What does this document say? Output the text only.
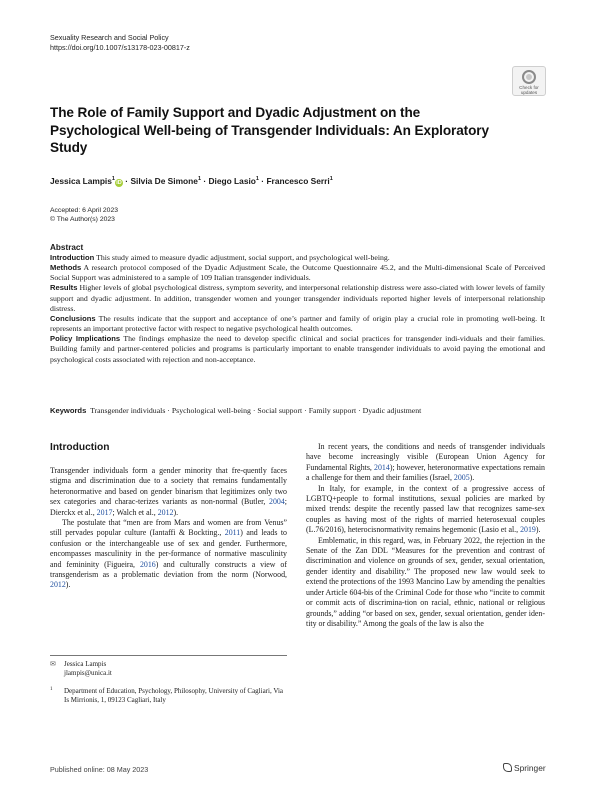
Sexuality Research and Social Policy
https://doi.org/10.1007/s13178-023-00817-z
Check for
updates
The Role of Family Support and Dyadic Adjustment on the Psychological Well-being of Transgender Individuals: An Exploratory Study
Jessica Lampis$^1$iD · Silvia De Simone$^1$ · Diego Lasio$^1$ · Francesco Serri$^1$
Accepted: 6 April 2023
© The Author(s) 2023
Abstract
Introduction This study aimed to measure dyadic adjustment, social support, and psychological well-being.
Methods A research protocol composed of the Dyadic Adjustment Scale, the Outcome Questionnaire 45.2, and the Multi-dimensional Scale of Perceived Social Support was administered to a sample of 109 Italian transgender individuals.
Results Higher levels of global psychological distress, symptom severity, and interpersonal relationship distress were asso-ciated with lower levels of family support and dyadic adjustment. In addition, transgender women and younger transgender individuals reported higher levels of interpersonal relationship distress.
Conclusions The results indicate that the support and acceptance of one’s partner and family of origin play a crucial role in promoting well-being. It represents an important protective factor with respect to negative psychological health outcomes.
Policy Implications The findings emphasize the need to develop specific clinical and social practices for transgender indi-viduals and their families. Building family and partner-centered policies and programs is particularly important to enable transgender individuals to avoid paying the emotional and psychological costs associated with rejection and non-acceptance.
Keywords Transgender individuals · Psychological well-being · Social support · Family support · Dyadic adjustment
Introduction

Transgender individuals form a gender minority that fre-quently faces stigma and discrimination due to a society that remains fundamentally heteronormative and based on gender binarism that legitimizes only two sex categories and charac-terizes variants as non-normal (Butler, 2004; Dierckx et al., 2017; Walch et al., 2012).

The postulate that “men are from Mars and women are from Venus” still pervades popular culture (Iantaffi & Bockting., 2011) and leads to confusion or the interchangeable use of sex and gender. Furthermore, encompasses masculinity in the per-formance of normative masculinity and femininity (Figueira, 2016) and culturally constructs a view of transgenderism as a problematic deviation from the norm (Norwood, 2012).

In recent years, the conditions and needs of transgender individuals have become increasingly visible (European Union Agency for Fundamental Rights, 2014); however, heteronormative expectations remain a challenge for them and their families (Israel, 2005).

In Italy, for example, in the context of a progressive access of LGBTQ+people to formal institutions, sexual policies are marked by mixed trends: despite the recently passed law that recognizes same-sex couples as having most of the rights of married heterosexual couples (L.76/2016), heterocisnormativity remains hegemonic (Lasio et al., 2019).

Emblematic, in this regard, was, in February 2022, the rejection in the Senate of the Zan DDL “Measures for the prevention and contrast of discrimination and violence on grounds of sex, gender, sexual orientation, gender identity and disability.” The proposed new law would seek to extend the protections of the 1993 Mancino Law by amending the penalties under Article 604-bis of the Criminal Code for those who “incite to commit or commit acts of discrimina-tion on racial, ethnic, national or religious grounds,” adding “or based on sex, gender, sexual orientation, gender iden-tity or disability.” Among the goals of the law is also the

✉ Jessica Lampis
jlampis@unica.it
1 Department of Education, Psychology, Philosophy, University of Cagliari, Via Is Mirrionis, 1, 09123 Cagliari, Italy
Published online: 08 May 2023	Springer
